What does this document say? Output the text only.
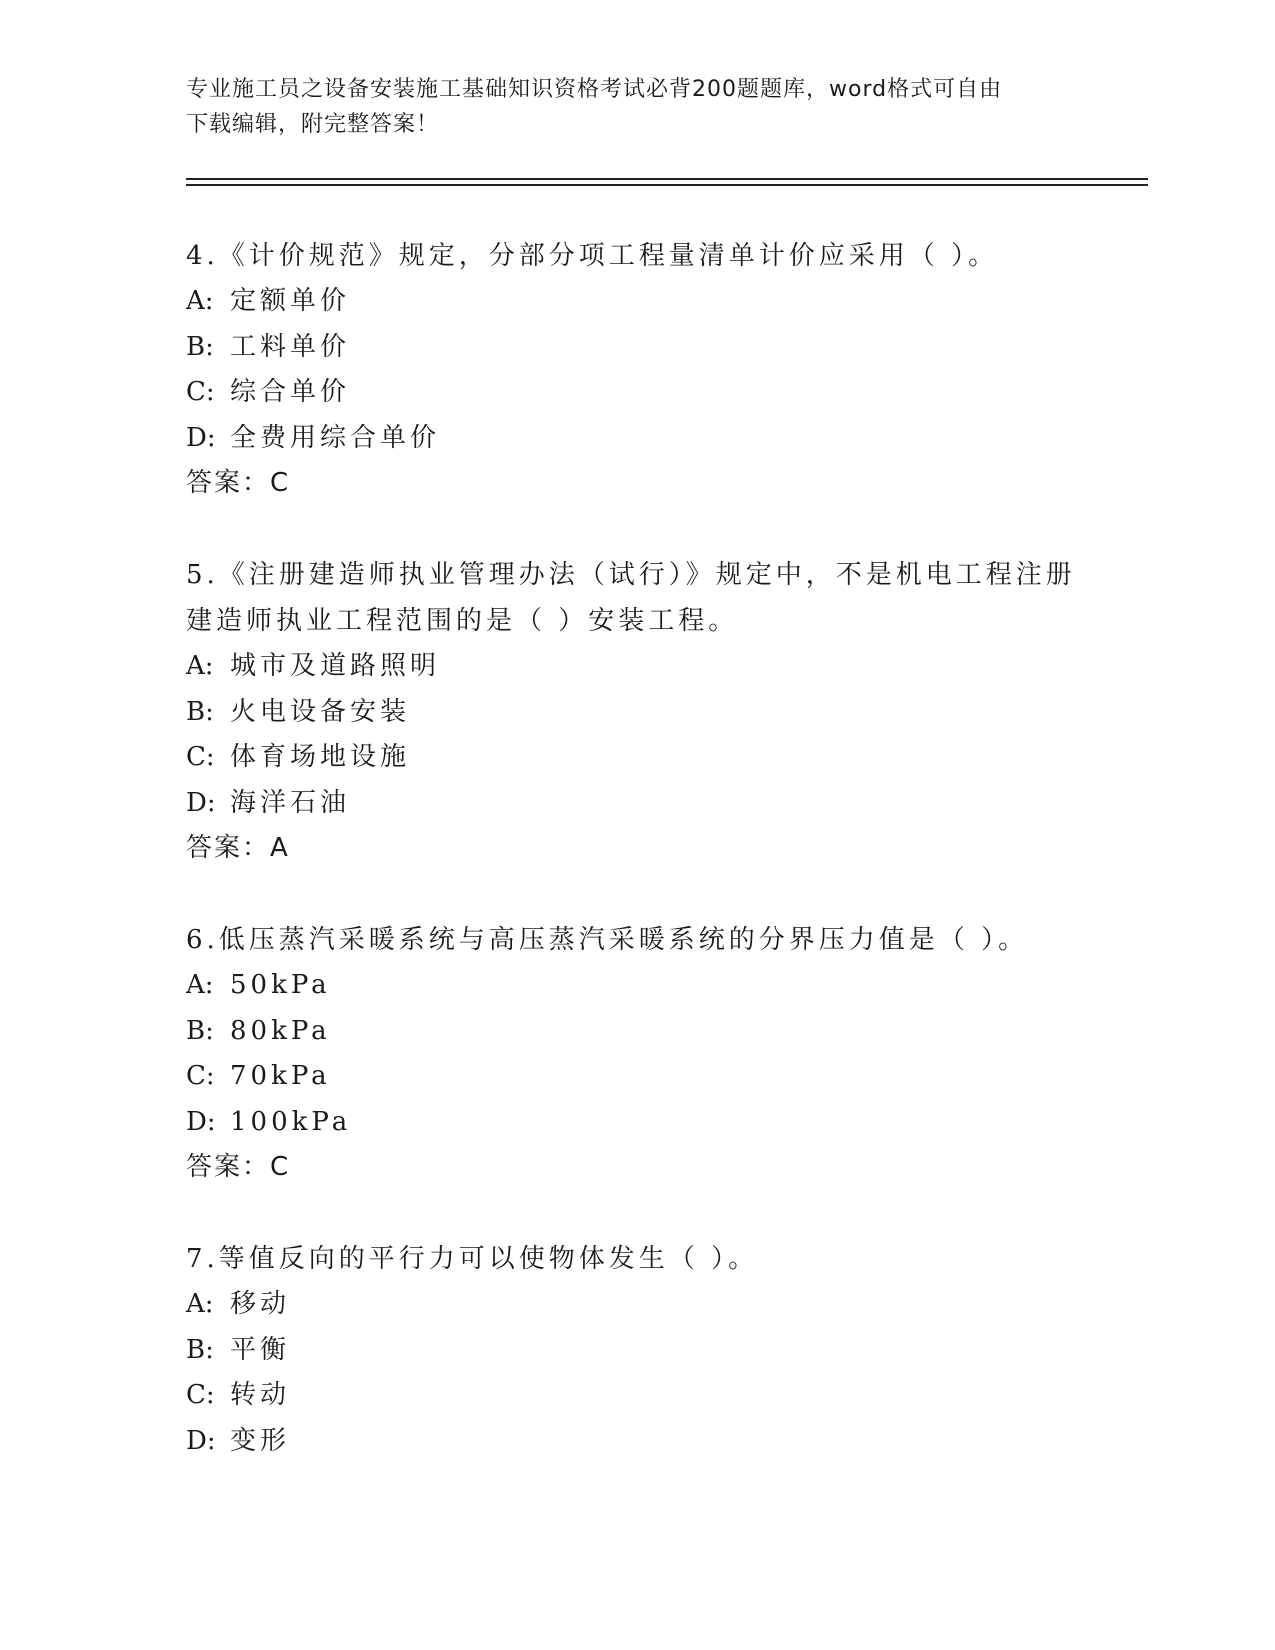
专业施工员之设备安装施工基础知识资格考试必背200题题库，word格式可自由
下载编辑，附完整答案！

4.《计价规范》规定，分部分项工程量清单计价应采用（ ）。

A: 定额单价

B: 工料单价

C: 综合单价

D: 全费用综合单价

答案：C

5.《注册建造师执业管理办法（试行）》规定中，不是机电工程注册

建造师执业工程范围的是（ ）安装工程。

A: 城市及道路照明

B: 火电设备安装

C: 体育场地设施

D: 海洋石油

答案：A

6.低压蒸汽采暖系统与高压蒸汽采暖系统的分界压力值是（ ）。

A: 50kPa

B: 80kPa

C: 70kPa

D: 100kPa

答案：C

7.等值反向的平行力可以使物体发生（ ）。

A: 移动

B: 平衡

C: 转动

D: 变形
